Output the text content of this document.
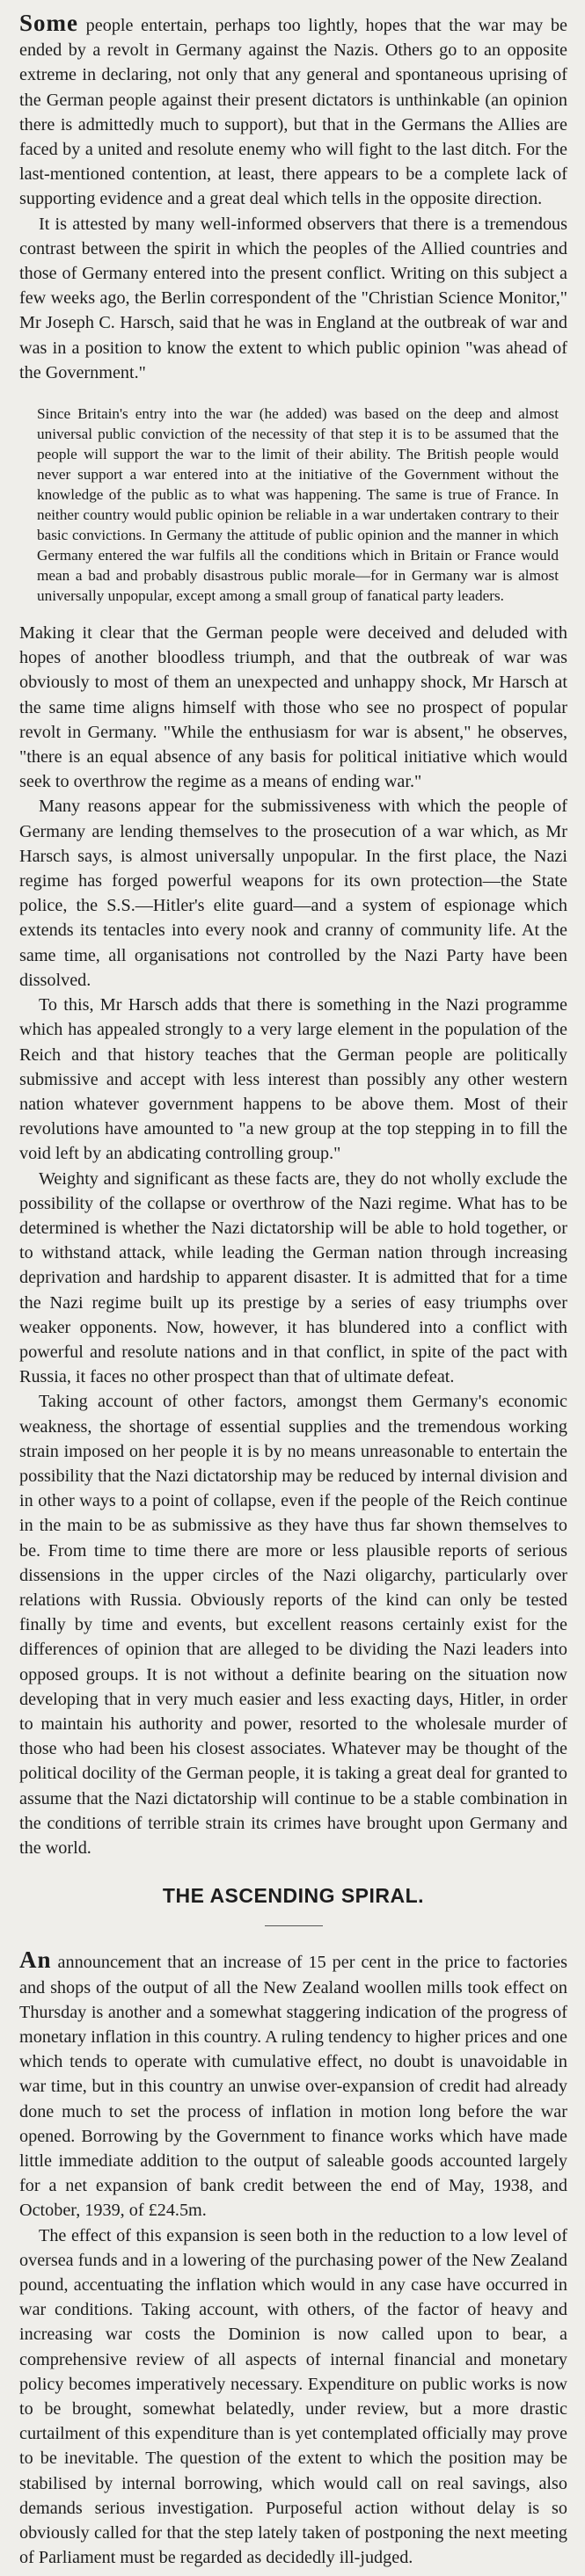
Some people entertain, perhaps too lightly, hopes that the war may be ended by a revolt in Germany against the Nazis. Others go to an opposite extreme in declaring, not only that any general and spontaneous uprising of the German people against their present dictators is unthinkable (an opinion there is admittedly much to support), but that in the Germans the Allies are faced by a united and resolute enemy who will fight to the last ditch. For the last-mentioned contention, at least, there appears to be a complete lack of supporting evidence and a great deal which tells in the opposite direction.

It is attested by many well-informed observers that there is a tremendous contrast between the spirit in which the peoples of the Allied countries and those of Germany entered into the present conflict. Writing on this subject a few weeks ago, the Berlin correspondent of the "Christian Science Monitor," Mr Joseph C. Harsch, said that he was in England at the outbreak of war and was in a position to know the extent to which public opinion "was ahead of the Government."

Since Britain's entry into the war (he added) was based on the deep and almost universal public conviction of the necessity of that step it is to be assumed that the people will support the war to the limit of their ability. The British people would never support a war entered into at the initiative of the Government without the knowledge of the public as to what was happening. The same is true of France. In neither country would public opinion be reliable in a war undertaken contrary to their basic convictions. In Germany the attitude of public opinion and the manner in which Germany entered the war fulfils all the conditions which in Britain or France would mean a bad and probably disastrous public morale—for in Germany war is almost universally unpopular, except among a small group of fanatical party leaders.

Making it clear that the German people were deceived and deluded with hopes of another bloodless triumph, and that the outbreak of war was obviously to most of them an unexpected and unhappy shock, Mr Harsch at the same time aligns himself with those who see no prospect of popular revolt in Germany. "While the enthusiasm for war is absent," he observes, "there is an equal absence of any basis for political initiative which would seek to overthrow the regime as a means of ending war."

Many reasons appear for the submissiveness with which the people of Germany are lending themselves to the prosecution of a war which, as Mr Harsch says, is almost universally unpopular. In the first place, the Nazi regime has forged powerful weapons for its own protection—the State police, the S.S.—Hitler's elite guard—and a system of espionage which extends its tentacles into every nook and cranny of community life. At the same time, all organisations not controlled by the Nazi Party have been dissolved.

To this, Mr Harsch adds that there is something in the Nazi programme which has appealed strongly to a very large element in the population of the Reich and that history teaches that the German people are politically submissive and accept with less interest than possibly any other western nation whatever government happens to be above them. Most of their revolutions have amounted to "a new group at the top stepping in to fill the void left by an abdicating controlling group."

Weighty and significant as these facts are, they do not wholly exclude the possibility of the collapse or overthrow of the Nazi regime. What has to be determined is whether the Nazi dictatorship will be able to hold together, or to withstand attack, while leading the German nation through increasing deprivation and hardship to apparent disaster. It is admitted that for a time the Nazi regime built up its prestige by a series of easy triumphs over weaker opponents. Now, however, it has blundered into a conflict with powerful and resolute nations and in that conflict, in spite of the pact with Russia, it faces no other prospect than that of ultimate defeat.

Taking account of other factors, amongst them Germany's economic weakness, the shortage of essential supplies and the tremendous working strain imposed on her people it is by no means unreasonable to entertain the possibility that the Nazi dictatorship may be reduced by internal division and in other ways to a point of collapse, even if the people of the Reich continue in the main to be as submissive as they have thus far shown themselves to be. From time to time there are more or less plausible reports of serious dissensions in the upper circles of the Nazi oligarchy, particularly over relations with Russia. Obviously reports of the kind can only be tested finally by time and events, but excellent reasons certainly exist for the differences of opinion that are alleged to be dividing the Nazi leaders into opposed groups. It is not without a definite bearing on the situation now developing that in very much easier and less exacting days, Hitler, in order to maintain his authority and power, resorted to the wholesale murder of those who had been his closest associates. Whatever may be thought of the political docility of the German people, it is taking a great deal for granted to assume that the Nazi dictatorship will continue to be a stable combination in the conditions of terrible strain its crimes have brought upon Germany and the world.

THE ASCENDING SPIRAL.

An announcement that an increase of 15 per cent in the price to factories and shops of the output of all the New Zealand woollen mills took effect on Thursday is another and a somewhat staggering indication of the progress of monetary inflation in this country. A ruling tendency to higher prices and one which tends to operate with cumulative effect, no doubt is unavoidable in war time, but in this country an unwise over-expansion of credit had already done much to set the process of inflation in motion long before the war opened. Borrowing by the Government to finance works which have made little immediate addition to the output of saleable goods accounted largely for a net expansion of bank credit between the end of May, 1938, and October, 1939, of £24.5m.

The effect of this expansion is seen both in the reduction to a low level of oversea funds and in a lowering of the purchasing power of the New Zealand pound, accentuating the inflation which would in any case have occurred in war conditions. Taking account, with others, of the factor of heavy and increasing war costs the Dominion is now called upon to bear, a comprehensive review of all aspects of internal financial and monetary policy becomes imperatively necessary. Expenditure on public works is now to be brought, somewhat belatedly, under review, but a more drastic curtailment of this expenditure than is yet contemplated officially may prove to be inevitable. The question of the extent to which the position may be stabilised by internal borrowing, which would call on real savings, also demands serious investigation. Purposeful action without delay is so obviously called for that the step lately taken of postponing the next meeting of Parliament must be regarded as decidedly ill-judged.
